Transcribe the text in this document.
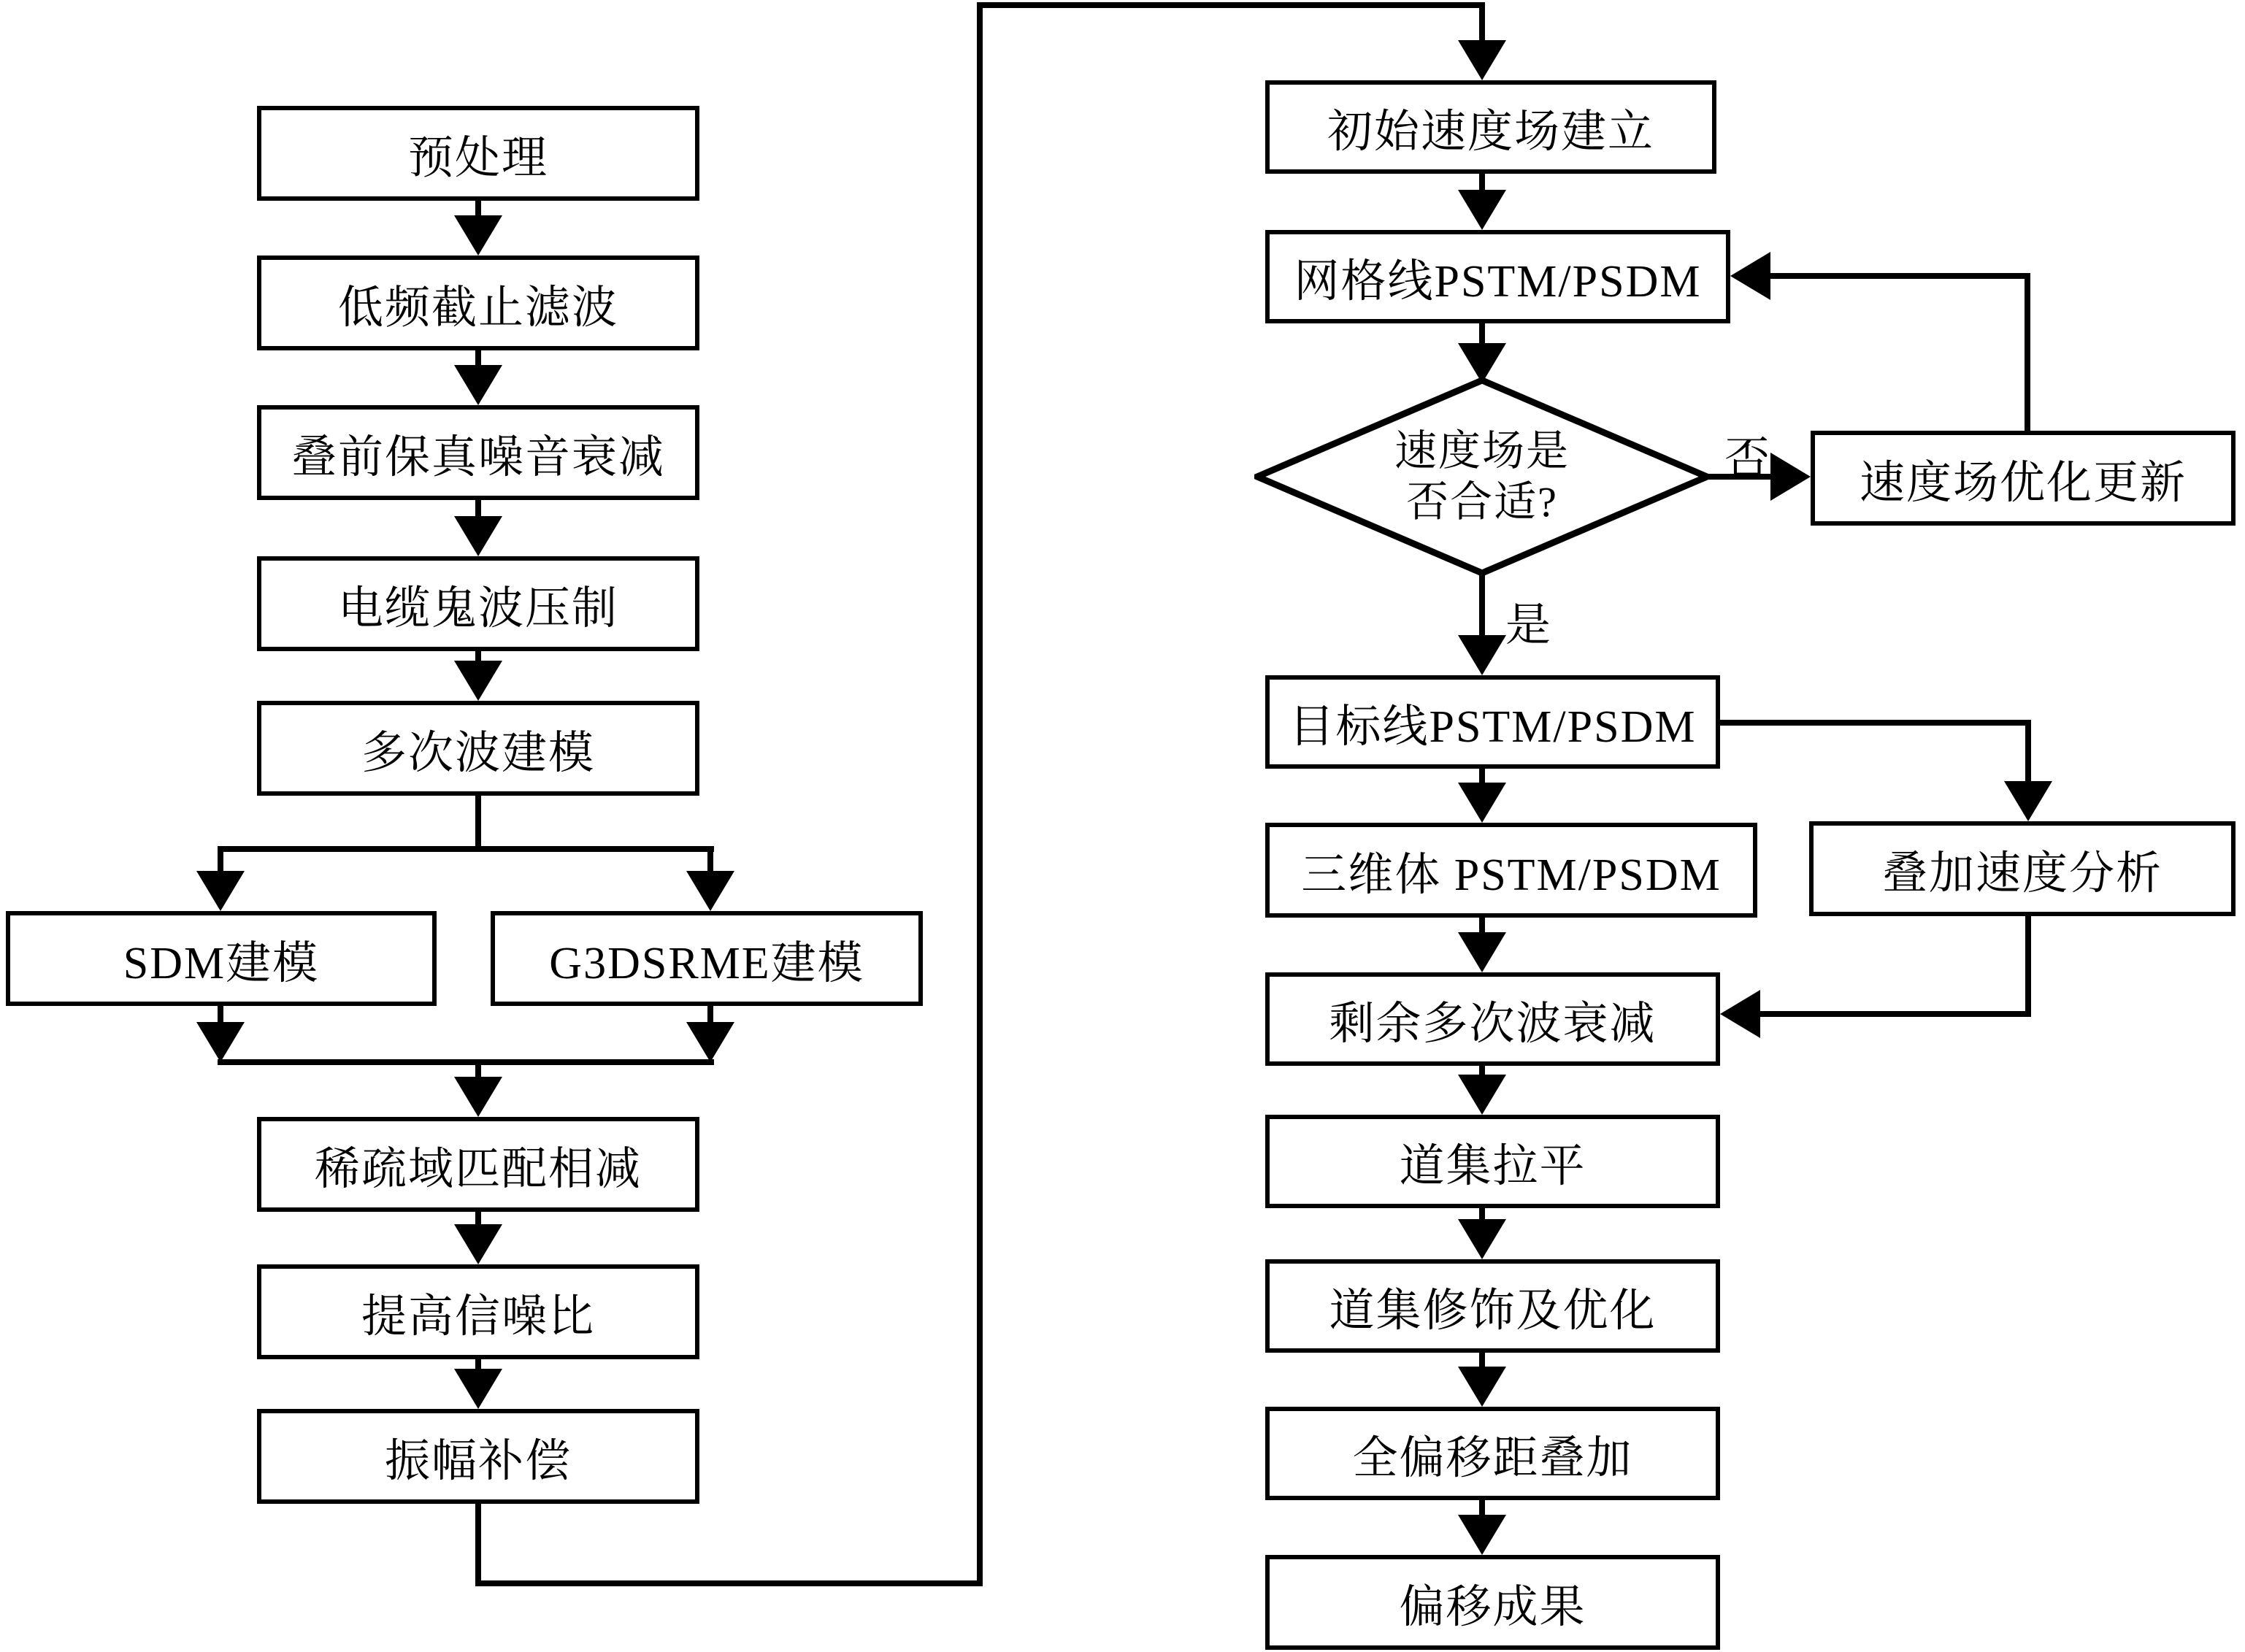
预处理
低频截止滤波
叠前保真噪音衰减
电缆鬼波压制
多次波建模
SDM建模	G3DSRME建模
稀疏域匹配相减
提高信噪比
振幅补偿
初始速度场建立
网格线PSTM/PSDM
速度场优化更新
目标线PSTM/PSDM
三维体 PSTM/PSDM	叠加速度分析
剩余多次波衰减
道集拉平
道集修饰及优化
全偏移距叠加
偏移成果
速度场是
否合适?
是
否
